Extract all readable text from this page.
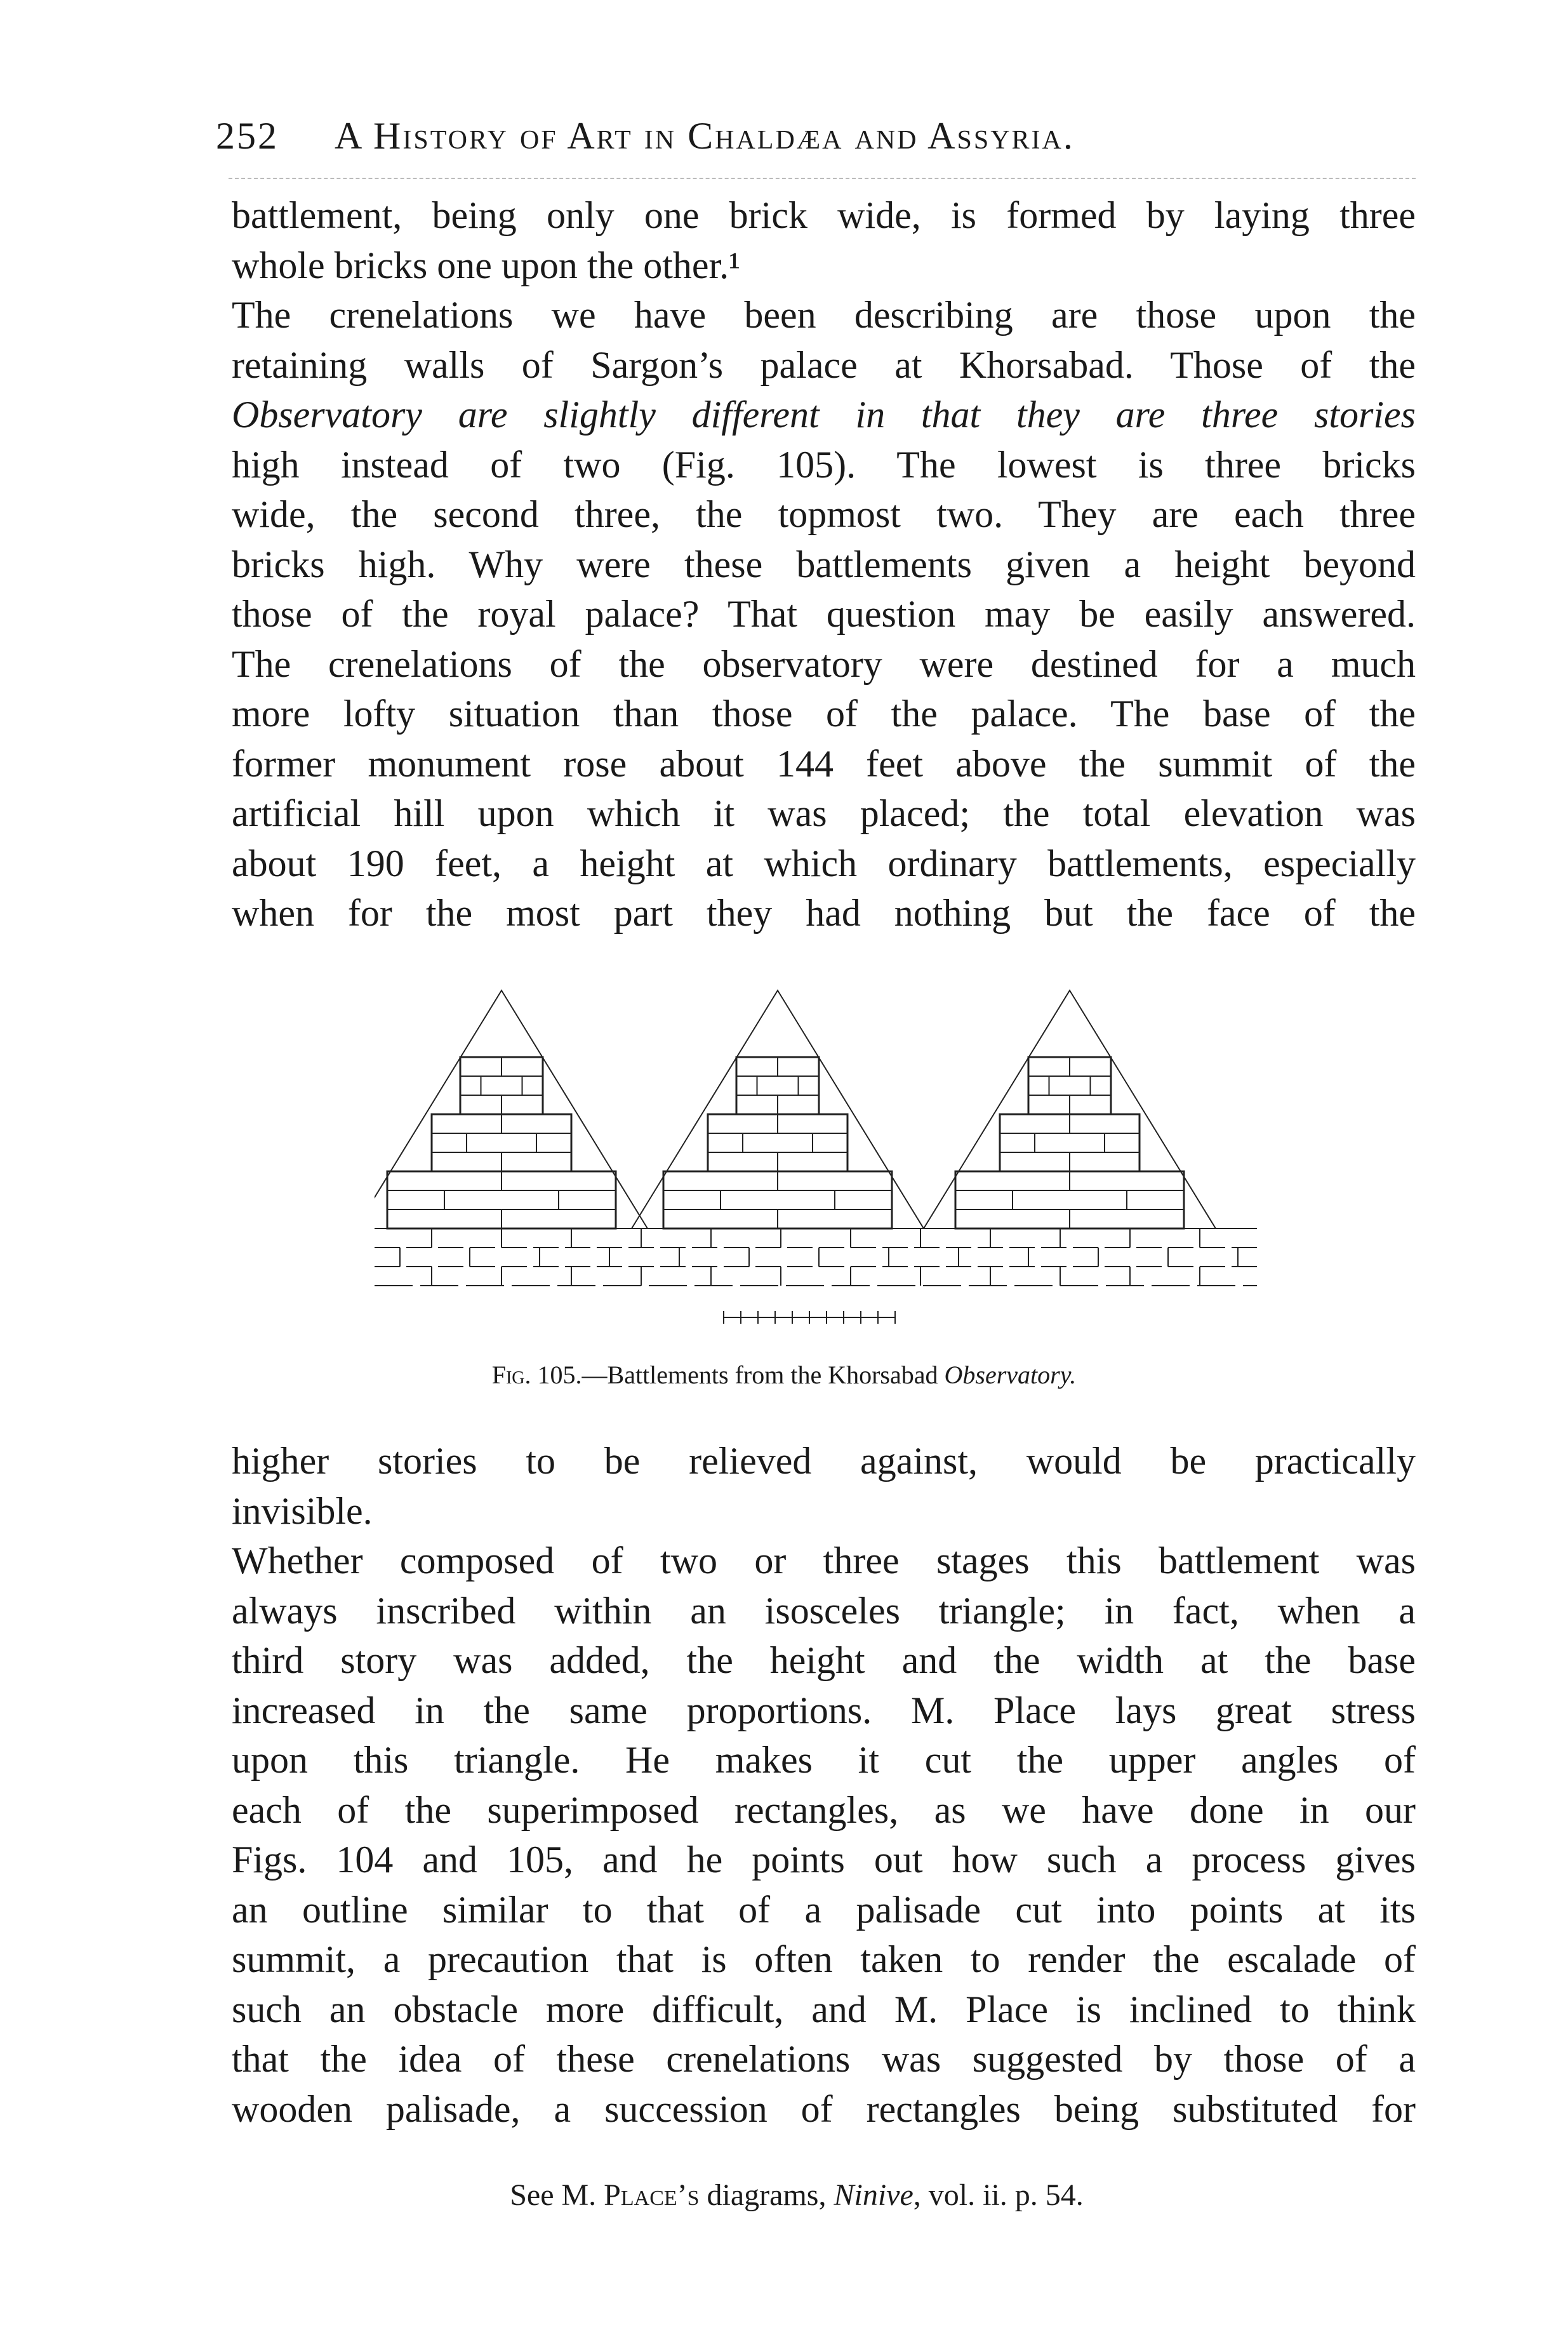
252 A History of Art in Chaldæa and Assyria.
battlement, being only one brick wide, is formed by laying three
whole bricks one upon the other.¹
The crenelations we have been describing are those upon the
retaining walls of Sargon’s palace at Khorsabad. Those of the
Observatory are slightly different in that they are three stories
high instead of two (Fig. 105). The lowest is three bricks
wide, the second three, the topmost two. They are each three
bricks high. Why were these battlements given a height beyond
those of the royal palace? That question may be easily answered.
The crenelations of the observatory were destined for a much
more lofty situation than those of the palace. The base of the
former monument rose about 144 feet above the summit of the
artificial hill upon which it was placed; the total elevation was
about 190 feet, a height at which ordinary battlements, especially
when for the most part they had nothing but the face of the
Fig. 105.—Battlements from the Khorsabad Observatory.
higher stories to be relieved against, would be practically
invisible.
Whether composed of two or three stages this battlement was
always inscribed within an isosceles triangle; in fact, when a
third story was added, the height and the width at the base
increased in the same proportions. M. Place lays great stress
upon this triangle. He makes it cut the upper angles of
each of the superimposed rectangles, as we have done in our
Figs. 104 and 105, and he points out how such a process gives
an outline similar to that of a palisade cut into points at its
summit, a precaution that is often taken to render the escalade of
such an obstacle more difficult, and M. Place is inclined to think
that the idea of these crenelations was suggested by those of a
wooden palisade, a succession of rectangles being substituted for
See M. Place’s diagrams, Ninive, vol. ii. p. 54.
